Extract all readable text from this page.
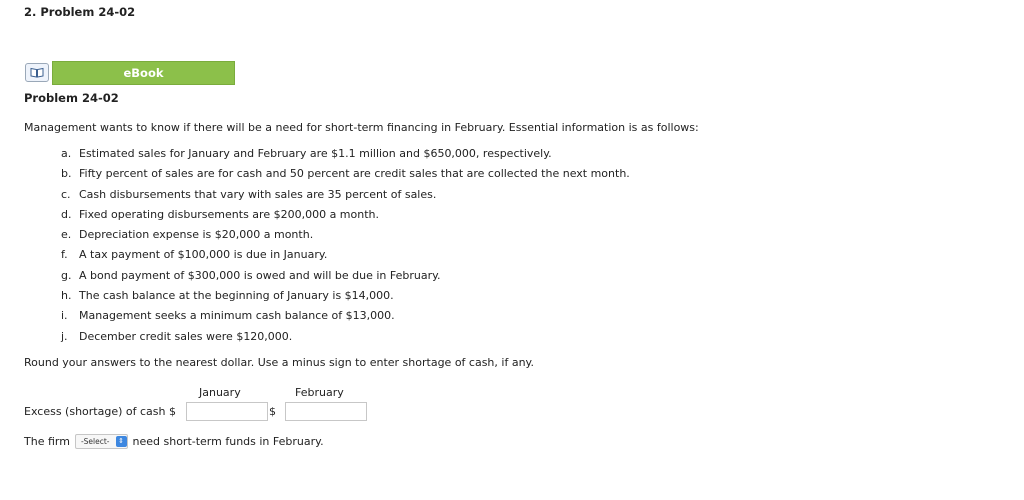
2. Problem 24-02
eBook
Problem 24-02
Management wants to know if there will be a need for short-term financing in February. Essential information is as follows:
a. Estimated sales for January and February are $1.1 million and $650,000, respectively.
b. Fifty percent of sales are for cash and 50 percent are credit sales that are collected the next month.
c. Cash disbursements that vary with sales are 35 percent of sales.
d. Fixed operating disbursements are $200,000 a month.
e. Depreciation expense is $20,000 a month.
f. A tax payment of $100,000 is due in January.
g. A bond payment of $300,000 is owed and will be due in February.
h. The cash balance at the beginning of January is $14,000.
i. Management seeks a minimum cash balance of $13,000.
j. December credit sales were $120,000.
Round your answers to the nearest dollar. Use a minus sign to enter shortage of cash, if any.
January	February
Excess (shortage) of cash $	$
The firm -Select-	⇕ need short-term funds in February.
